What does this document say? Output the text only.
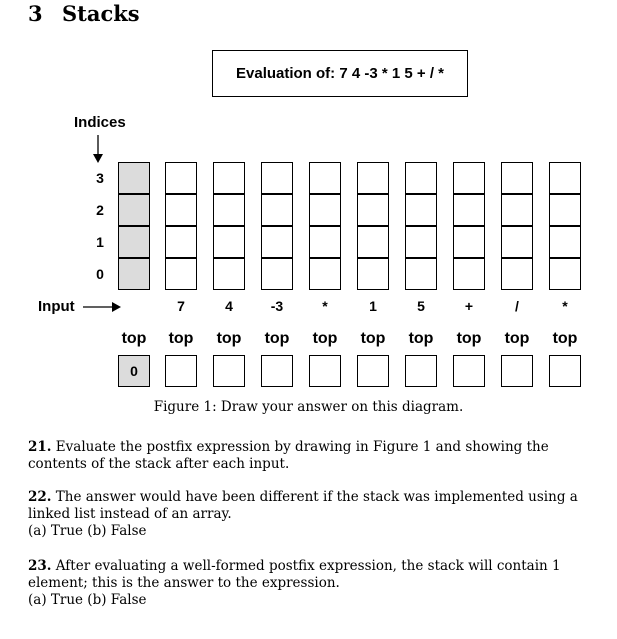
3 Stacks
Evaluation of: 7 4 -3 * 1 5 + / *
Indices
3
2
1
0
Input	7	4	-3	*	1	5	+	/	*
top	top	top	top	top	top	top	top	top	top
0
Figure 1: Draw your answer on this diagram.
21. Evaluate the postfix expression by drawing in Figure 1 and showing the contents of the stack after each input.
22. The answer would have been different if the stack was implemented using a linked list instead of an array.
(a) True (b) False
23. After evaluating a well-formed postfix expression, the stack will contain 1 element; this is the answer to the expression.
(a) True (b) False
